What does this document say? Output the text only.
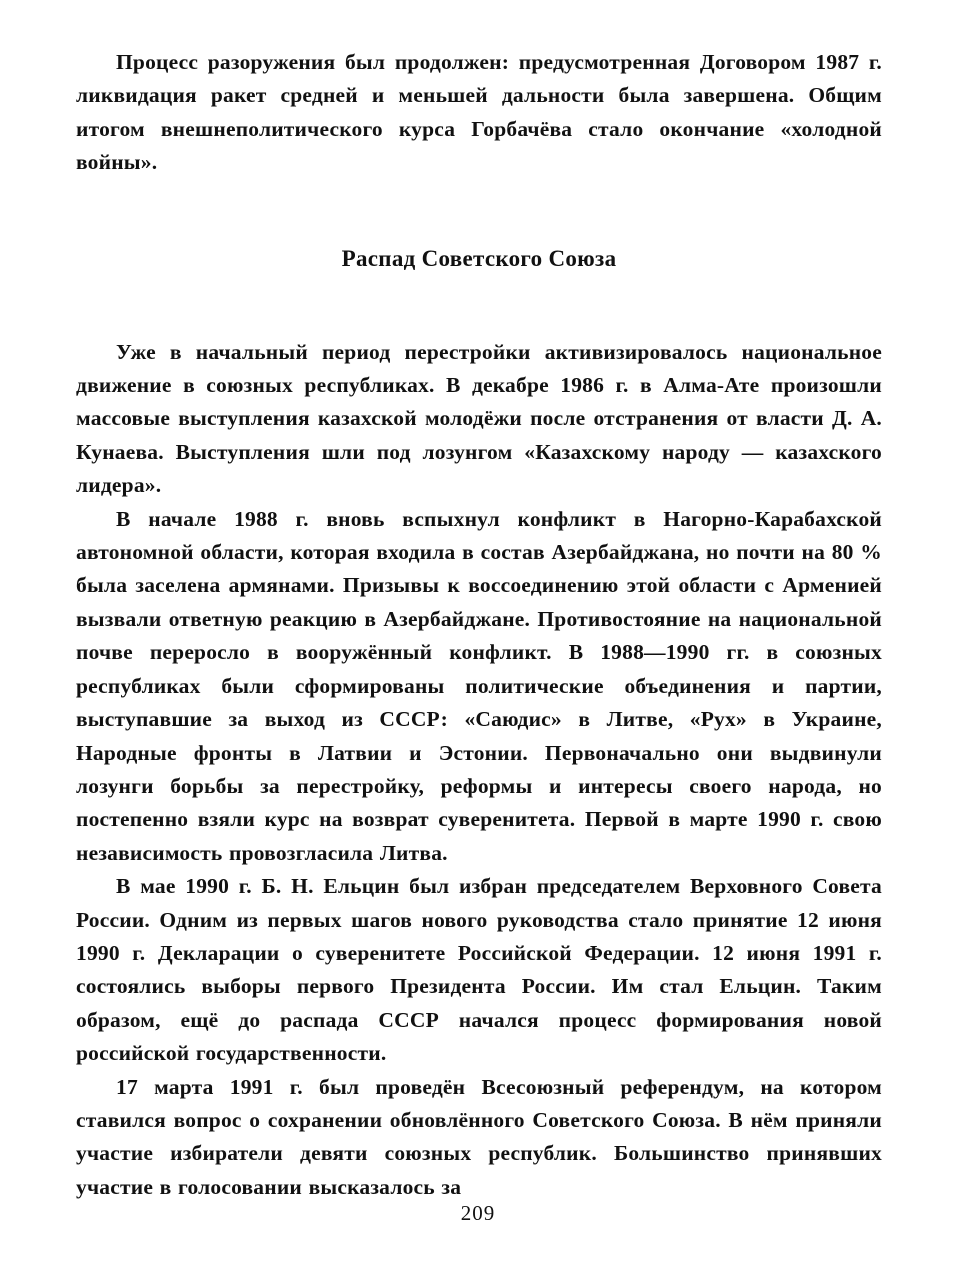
Процесс разоружения был продолжен: предусмотренная Договором 1987 г. ликвидация ракет средней и меньшей дальности была завершена. Общим итогом внешнеполитического курса Горбачёва стало окончание «холодной войны».

Распад Советского Союза

Уже в начальный период перестройки активизировалось национальное движение в союзных республиках. В декабре 1986 г. в Алма-Ате произошли массовые выступления казахской молодёжи после отстранения от власти Д. А. Кунаева. Выступления шли под лозунгом «Казахскому народу — казахского лидера».

В начале 1988 г. вновь вспыхнул конфликт в Нагорно-Карабахской автономной области, которая входила в состав Азербайджана, но почти на 80 % была заселена армянами. Призывы к воссоединению этой области с Арменией вызвали ответную реакцию в Азербайджане. Противостояние на национальной почве переросло в вооружённый конфликт. В 1988—1990 гг. в союзных республиках были сформированы политические объединения и партии, выступавшие за выход из СССР: «Саюдис» в Литве, «Рух» в Украине, Народные фронты в Латвии и Эстонии. Первоначально они выдвинули лозунги борьбы за перестройку, реформы и интересы своего народа, но постепенно взяли курс на возврат суверенитета. Первой в марте 1990 г. свою независимость провозгласила Литва.

В мае 1990 г. Б. Н. Ельцин был избран председателем Верховного Совета России. Одним из первых шагов нового руководства стало принятие 12 июня 1990 г. Декларации о суверенитете Российской Федерации. 12 июня 1991 г. состоялись выборы первого Президента России. Им стал Ельцин. Таким образом, ещё до распада СССР начался процесс формирования новой российской государственности.

17 марта 1991 г. был проведён Всесоюзный референдум, на котором ставился вопрос о сохранении обновлённого Советского Союза. В нём приняли участие избиратели девяти союзных республик. Большинство принявших участие в голосовании высказалось за

209
